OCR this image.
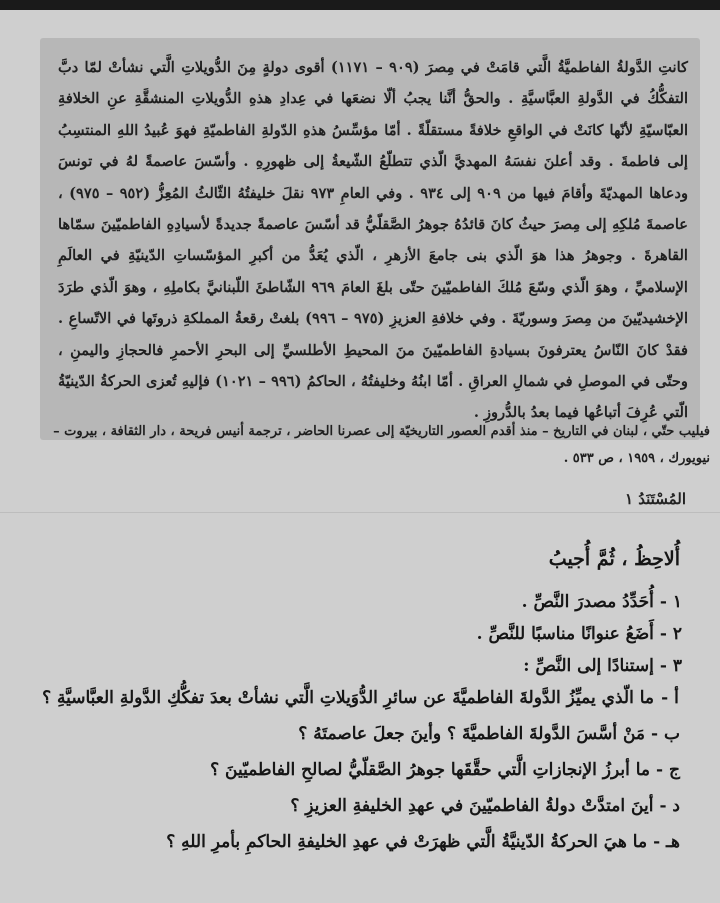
كانتِ الدَّولةُ الفاطميَّةُ الَّتي قامَتْ في مِصرَ (٩٠٩ – ١١٧١) أقوى دولةٍ مِنَ الدُّويلاتِ الَّتي نشأتْ لمّا دبَّ التفكُّكُ في الدَّولةِ العبَّاسيَّةِ . والحقُّ أنَّنا يجبُ ألّا نضعَها في عِدادِ هذهِ الدُّويلاتِ المنشقَّةِ عنِ الخلافةِ العبّاسيّةِ لأنّها كانَتْ في الواقعِ خلافةً مستقلّةً . أمّا مؤسِّسُ هذهِ الدّولةِ الفاطميّةِ فهوَ عُبيدُ اللهِ المنتسِبُ إلى فاطمةَ . وقد أعلنَ نفسَهُ المهديَّ الّذي تتطلّعُ الشّيعةُ إلى ظهورِهِ . وأسّسَ عاصمةً لهُ في تونسَ ودعاها المهديّةَ وأقامَ فيها من ٩٠٩ إلى ٩٣٤ . وفي العامِ ٩٧٣ نقلَ خليفتُهُ الثّالثُ المُعِزُّ (٩٥٢ – ٩٧٥) ، عاصمةَ مُلكِهِ إلى مِصرَ حيثُ كانَ قائدُهُ جوهرُ الصَّقلّيُّ قد أسّسَ عاصمةً جديدةً لأسيادِهِ الفاطميّينَ سمّاها القاهرةَ . وجوهرُ هذا هوَ الّذي بنى جامعَ الأزهرِ ، الّذي يُعَدُّ من أكبرِ المؤسّساتِ الدّينيّةِ في العالَمِ الإسلاميِّ ، وهوَ الّذي وسّعَ مُلكَ الفاطميّينَ حتّى بلغَ العامَ ٩٦٩ الشّاطئَ اللّبنانيَّ بكاملِهِ ، وهوَ الّذي طرَدَ الإخشيديّينَ من مِصرَ وسوريّةَ . وفي خلافةِ العزيزِ (٩٧٥ – ٩٩٦) بلغتْ رقعةُ المملكةِ ذروتَها في الاتّساعِ . فقدْ كانَ النّاسُ يعترفونَ بسيادةِ الفاطميّينَ منَ المحيطِ الأطلسيِّ إلى البحرِ الأحمرِ فالحجازِ واليمنِ ، وحتّى في الموصلِ في شمالِ العراقِ . أمّا ابنُهُ وخليفتُهُ ، الحاكمُ (٩٩٦ – ١٠٢١) فإليهِ تُعزى الحركةُ الدّينيّةُ الّتي عُرِفَ أتباعُها فيما بعدُ بالدُّروزِ .

فيليب حتّي ، لبنان في التاريخ – منذ أقدم العصور التاريخيّة إلى عصرنا الحاضر ، ترجمة أنيس فريحة ، دار الثقافة ، بيروت – نيويورك ، ١٩٥٩ ، ص ٥٣٣ .

المُسْتَنَدُ ١
أُلاحِظُ ، ثُمَّ أُجيبُ
١ -
أُحَدِّدُ مصدرَ النَّصِّ .
٢ -
أَضَعُ عنوانًا مناسبًا للنَّصِّ .
٣ -
إستنادًا إلى النَّصِّ :
أ -
ما الّذي يميِّزُ الدَّولةَ الفاطميَّةَ عن سائرِ الدُّوَيلاتِ الَّتي نشأتْ بعدَ تفكُّكِ الدَّولةِ العبَّاسيَّةِ ؟
ب -
مَنْ أسَّسَ الدَّولةَ الفاطميَّةَ ؟ وأينَ جعلَ عاصمتَهُ ؟
ج -
ما أبرزُ الإنجازاتِ الَّتي حقَّقَها جوهرُ الصَّقلّيُّ لصالحِ الفاطميّينَ ؟
د -
أينَ امتدَّتْ دولةُ الفاطميّينَ في عهدِ الخليفةِ العزيزِ ؟
هـ -
ما هيَ الحركةُ الدّينيَّةُ الَّتي ظهرَتْ في عهدِ الخليفةِ الحاكمِ بأمرِ اللهِ ؟
